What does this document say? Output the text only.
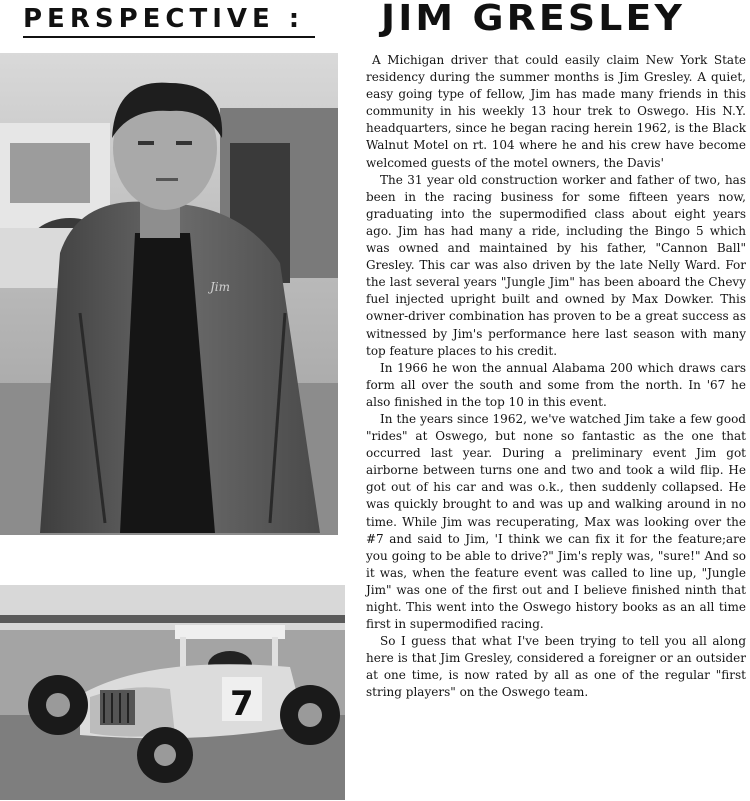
PERSPECTIVE : JIM GRESLEY
Jim
7

A Michigan driver that could easily claim New York State residency during the summer months is Jim Gresley. A quiet, easy going type of fellow, Jim has made many friends in this community in his weekly 13 hour trek to Oswego. His N.Y. headquarters, since he began racing herein 1962, is the Black Walnut Motel on rt. 104 where he and his crew have become welcomed guests of the motel owners, the Davis'

The 31 year old construction worker and father of two, has been in the racing business for some fifteen years now, graduating into the supermodified class about eight years ago. Jim has had many a ride, including the Bingo 5 which was owned and maintained by his father, "Cannon Ball" Gresley. This car was also driven by the late Nelly Ward. For the last several years "Jungle Jim" has been aboard the Chevy fuel injected upright built and owned by Max Dowker. This owner-driver combination has proven to be a great success as witnessed by Jim's performance here last season with many top feature places to his credit.

In 1966 he won the annual Alabama 200 which draws cars form all over the south and some from the north. In '67 he also finished in the top 10 in this event.

In the years since 1962, we've watched Jim take a few good "rides" at Oswego, but none so fantastic as the one that occurred last year. During a preliminary event Jim got airborne between turns one and two and took a wild flip. He got out of his car and was o.k., then suddenly collapsed. He was quickly brought to and was up and walking around in no time. While Jim was recuperating, Max was looking over the #7 and said to Jim, 'I think we can fix it for the feature;are you going to be able to drive?" Jim's reply was, "sure!" And so it was, when the feature event was called to line up, "Jungle Jim" was one of the first out and I believe finished ninth that night. This went into the Oswego history books as an all time first in supermodified racing.

So I guess that what I've been trying to tell you all along here is that Jim Gresley, considered a foreigner or an outsider at one time, is now rated by all as one of the regular "first string players" on the Oswego team.
